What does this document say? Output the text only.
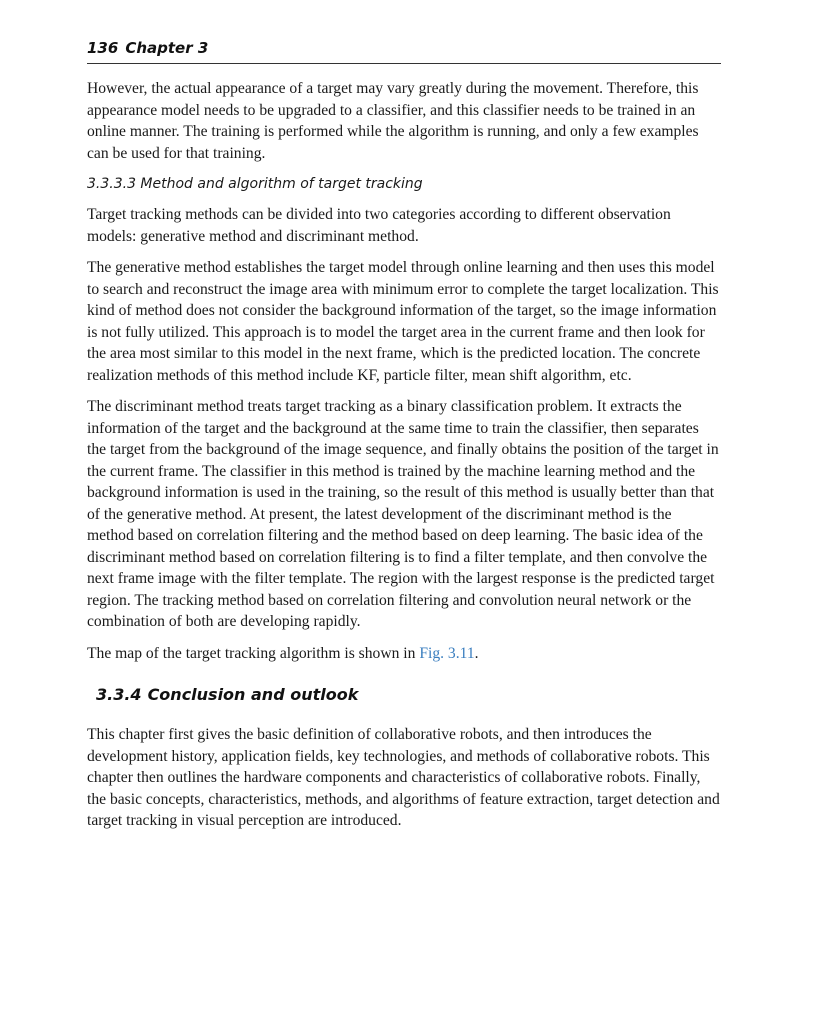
136 Chapter 3

However, the actual appearance of a target may vary greatly during the movement. Therefore, this appearance model needs to be upgraded to a classifier, and this classifier needs to be trained in an online manner. The training is performed while the algorithm is running, and only a few examples can be used for that training.

3.3.3.3 Method and algorithm of target tracking

Target tracking methods can be divided into two categories according to different observation models: generative method and discriminant method.

The generative method establishes the target model through online learning and then uses this model to search and reconstruct the image area with minimum error to complete the target localization. This kind of method does not consider the background information of the target, so the image information is not fully utilized. This approach is to model the target area in the current frame and then look for the area most similar to this model in the next frame, which is the predicted location. The concrete realization methods of this method include KF, particle filter, mean shift algorithm, etc.

The discriminant method treats target tracking as a binary classification problem. It extracts the information of the target and the background at the same time to train the classifier, then separates the target from the background of the image sequence, and finally obtains the position of the target in the current frame. The classifier in this method is trained by the machine learning method and the background information is used in the training, so the result of this method is usually better than that of the generative method. At present, the latest development of the discriminant method is the method based on correlation filtering and the method based on deep learning. The basic idea of the discriminant method based on correlation filtering is to find a filter template, and then convolve the next frame image with the filter template. The region with the largest response is the predicted target region. The tracking method based on correlation filtering and convolution neural network or the combination of both are developing rapidly.

The map of the target tracking algorithm is shown in Fig. 3.11.

3.3.4 Conclusion and outlook

This chapter first gives the basic definition of collaborative robots, and then introduces the development history, application fields, key technologies, and methods of collaborative robots. This chapter then outlines the hardware components and characteristics of collaborative robots. Finally, the basic concepts, characteristics, methods, and algorithms of feature extraction, target detection and target tracking in visual perception are introduced.
